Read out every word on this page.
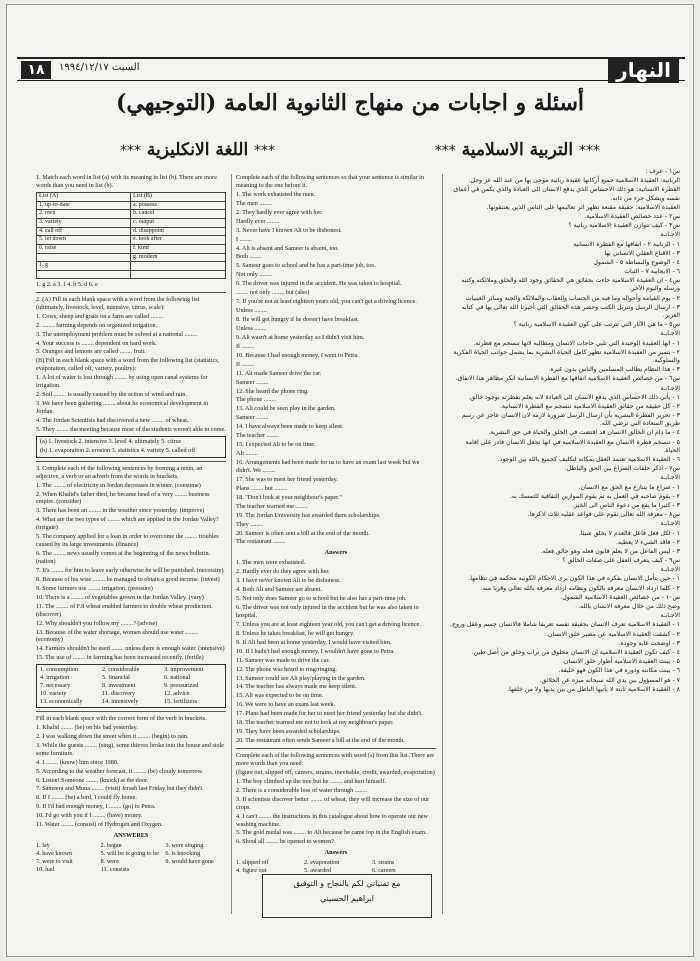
١٨	السبت ١٩٩٤/١٢/١٧	النهار
أسئلة و اجابات من منهاج الثانوية العامة (التوجيهي)
*** اللغة الانكليزية ***	*** التربية الاسلامية ***

1. Match each word in list (a) with its meaning in list (b). There are more words than you need in list (b).

List (A)	List (B)
1. up-to-date	a. possess
2. own	b. cancel
3. variety	c. output
4. call off	d. disappoint
5. let down	e. look after
6. raise	f. kind
	g. modern
1. g	

1. g 2. a 3. f 4. b 5. d 6. e

2. (A) Fill in each blank space with a word from the following list (ultimately, livestock, level, intensive, citrus, scale):

1. Cows, sheep and goats on a farm are called ........

2. ........ farming depends on organized irrigation.

3. The unemployment problem must be solved at a national ........

4. Your success is ........ dependent on hard work.

5. Oranges and lemons are called ........ fruit.

(B) Fill in each blank space with a word from the following list (statistics, evaporation, called off, variety, poultry):

1. A lot of water is lost through ........ by using open canal systems for irrigation.

2. Soil ........ is usually caused by the action of wind and rain.

3. We have been gathering ........ about he economical development in Jordan.

4. The Jordan Scientists had discovered a new ........ of wheat.

5. They ........ the meeting because most of the students weren't able to come.

(a) 1. livestock 2. intensive 3. level 4. ultimately 5. citrus

(b) 1. evaporation 2. erosion 3. statistics 4. variety 5. called off

3. Complete each of the following sentences by forming a noun, an adjective, a verb or an adverb from the words in brackets.

1. The ........ of electricity in Jordan decreases in winter. (consume)

2. When Khalid's father died, he became head of a very ........ business empire. (consider)

3. There has been an ........ in the weather since yesterday. (improve)

4. What are the two types of ........ which are applied in the Jordan Valley? (irrigate)

5. The company applied for a loan in order to overcome the ........ troubles caused by its large investments. (finance)

6. The ........ news usually comes at the beginning of the news bulletin. (nation)

7. It's ........ for him to leave early otherwise he will be punished. (necessity)

8. Because of his wise ........ he managed to obtain a good income. (invest)

9. Some farmers use ........ irrigation. (pressure)

10. There is a ........ of vegetables grown in the Jordan Valley. (vary)

11. The ........ of F.8 wheat enabled farmers to double wheat production. (discover)

12. Why shouldn't you follow my ........? (advise)

13. Because of the water shortage, women should use water ........ (economy)

14. Farmers shouldn't be used ........ unless there is enough water. (intensive)

15. The use of ........ in farming has been increased recently. (fertile)

1. consumption	2. considerable	3. improvement
4. irrigation	5. financial	6. national
7. necessary	8. investment	9. pressurized
10. variety	11. discovery	12. advice
13. economically	14. intensively	15. fertilizers

Fill in each blank space with the correct form of the verb in brackets.

1. Khalid ........ (be) on his bad yesterday.

2. I was walking down the street when it ........ (begin) to rain.

3. While the guests ........ (sing), some thieves broke into the house and stole some furniture.

4. I ........ (know) him since 1980.

5. According to the weather forecast, it ........ (be) cloudy tomorrow.

6. Listen! Someone ........ (knock) at the door.

7. Sameera and Muna ........ (visit) Jerash last Friday but they didn't.

8. If I ........ (be) a bird, I could fly home.

9. If I'd had enough money, I ........ (go) to Petra.

10. I'd go with you if I ........ (have) money.

11. Water ........ (consist) of Hydrogen and Oxygen.

ANSWERES

1. lay	2. began	3. were singing
4. have known	5. will be is going to be	6. is knocking
7. were to visit	8. were	9. would have gone
10. had	11. consists

Complete each of the following sentences so that your sentence is similar in meaning to the one before it.

1. The work exhausted the men.

The men ........

2. They hardly ever agree with her.

Hardly ever ........

3. Never have I known Ali to be dishonest.

I ........

4. Ali is absent and Sameer is absent, too.

Both ........

5. Sameer goes to school and he has a part-time job, too.

Not only ........

6. The driver was injured in the accident. He was taken to hospital.

........ not only ........ but (also)

7. If you're not at least eighteen years old, you can't get a driving licence.

Unless ........

8. He will get hungry if he doesn't have breakfast.

Unless ........

9. Ali wasn't at home yesterday so I didn't visit him.

If ........

10. Because I had enough money, I went to Petra.

If ........

11. Ali made Sameer drive the car.

Sameer ........

12. She heard the phone ring.

The phone ........

13. Ali could be seen play in the garden.

Sameer ........

14. I have always been made to keep silent.

The teacher ........

15. I expected Ali to be on time.

Ali ........

16. Arrangements had been made for us to have an exam last week but we didn't. We ........

17. She was to meet her friend yesterday.

Plans ........ but ........

18. "Don't look at your neighbour's paper."

The teacher warned me ........

19. The Jordan University has awarded them scholarships.

They ........

20. Sameer is often sent a bill at the end of the month.

The restaurant ........

Answers

1. The men were exhausted.

2. Hardly ever do they agree with her.

3. I have never known Ali to be dishonest.

4. Both Ali and Sameer are absent.

5. Not only does Sameer go to school but he also has a part-time job.

6. The driver was not only injured in the accident but he was also taken to hospital.

7. Unless you are at least eighteen year old, you can't get a driving licence.

8. Unless he takes breakfast, he will get hungry.

9. If Ali had been at home yesterday, I would have visited him.

10. If I hadn't had enough money, I wouldn't have gone to Petra.

11. Sameer was made to drive the car.

12. The phone was heard to ring/ringing.

13. Sameer could see Ali play/playing in the garden.

14. The teacher has always made me keep silent.

15. Ali was expected to be on time.

16. We were to have an exam last week.

17. Plans had been made for her to meet her friend yesterday but she didn't.

18. The teacher warned me not to look at my neighbour's paper.

19. They have been awarded scholarships.

20. The restaurant often sends Sameer a bill at the end of the month.

Complete each of the following sentences with word (s) from this list. There are more words than you need:

(figure out, slipped off, careers, strains, inevitable, credit, awarded, evaporation)

1. The boy climbed up the tree but he ........ and hurt himself.

2. There is a considerable loss of water through ........

3. If scientists discover better ........ of wheat, they will increase the size of our crops.

4. I can't ........ the instructions in this catalogue about how to operate our new washing machine.

5. The gold medal was ........ to Ali because he came top in the English exam.

6. Shoul all ........ be opened to women?

Answers

1. slipped off	2. evaporation	3. strains
4. figure out	5. awarded	6. careers
مع تمنياتي لكم بالنجاح و التوفيق
ابراهيم الحسيني

س١ - عرف :

الربانية: العقيدة الاسلامية جميع أركانها عقيدة ربانية موحى بها من عند الله عز وجل.

الفطرة الانسانية: هو ذلك الاحساس الذي يدفع الانسان الى العبادة والذي يكمن في أعماق نفسه ويشكل جزء من ذاته.

العقيدة الاسلامية: حقيقة مقنعة تظهر اثر تعاليمها على الناس الذين يعتنقونها.

س٢ - عدد خصائص العقيدة الاسلامية.

س٣ - كيف تتوازن العقيدة الاسلامية ربانية ؟

الاجـابـة

١ - الربانية ٢ - اتفاقها مع الفطرة الانسانية

٣ - الاقناع العقلي الانساني بها

٤ - الوضوح والبساطة ٥ - الشمول

٦ - الايجابية ٧ - الثبات

س٤ - ان العقيدة الاسلامية جاءت بحقائق هي الحقائق وجود الله والخلق وملائكته وكتبه ورسله واليوم الآخر.

٢ - يوم القيامة وأحواله وما فيه من الحساب والعقاب والملائكة والجنة وسائر الغيبيات

٣ - ارسال الرسل وتنزيل الكتب وحصر هذه الحقائق التي أخبرنا الله تعالى بها في كتابه العزيز.

س٥ - ما هي الآثار التي تترتب على كون العقيدة الاسلامية ربانية ؟

الاجـابـة

١ - انها العقيدة الوحيدة التي تلبي حاجات الانسان ومطالبه لانها تنسجم مع فطرته.

٢ - يتميز من العقيدة الاسلامية تظهر كامل الحياة البشرية بما يشمل جوانب الحياة الفكرية والسلوكية.

٣ - هذا النظام يطالب المسلمين والناس بدون غيره.

س٦ - من خصائص العقيدة الاسلامية اتفاقها مع الفطرة الانسانية انكر مظاهر هذا الاتفاق.

الاجـابـة

١ - يأتي ذلك الاحساس الذي يدفع الانسان الى العبادة لانه يعلم بفطرته بوجود خالق.

٢ - كل حقيقة من حقائق العقيدة الاسلامية تنسجم مع الفطرة الانسانية.

٣ - تحرير الفطرة البشرية بأن ارسال الرسل ضرورة لازمة لان الانسان عاجز عن رسم طريق السعادة التي ترضي الله.

٤ - ما دام ان الخالق الانسان قد اقتضت في الخلق والحياة في حق البشرية.

٥ - تنسجم فطرة الانسان مع العقيدة الاسلامية في انها تجعل الانسان قادر على اقامة الحياة.

٦ - العقيدة الاسلامية تعتمد العقل بمكانه لتكليف كجميع بالله بين الوجود.

س٧ - اذكر حلقات الصراع بين الحق والباطل.

الاجـابـة

١ - صراع ما يتنازع مع الحق مع الانسان.

٢ - يقوم صاحبه في العمل به ثم يقوم الموازين الثقافية للتمسك به.

٣ - كثيرا ما يقع من دعوة الناس الى الخير.

س٨ - معرفة الله تعالى تقوم على قواعد عقلية ثلاث اذكرها.

الاجـابـة

١ - لكل فعل فاعل فالعدم لا يخلق شيئا.

٢ - فاقد الشيء لا يعطيه.

٣ - ليس الفاعل من لا يعلم قانون فعله وهو خالق فعله.

س٩ - كيف يتعرف العقل على صفات الخالق ؟

الاجـابـة

١ - حين يتأمل الانسان بفكره في هذا الكون يرى الاحكام الكونية محكمة في نظامها.

٢ - كلما ازداد الانسان معرفة بالكون ونظامه ازداد معرفة بالله تعالى وقربا منه.

س١٠ - من خصائص العقيدة الاسلامية الشمول.

وضح ذلك من خلال معرفة الانسان بالله.

الاجـابـة

١ - العقيدة الاسلامية تعرف الانسان بحقيقة نفسه تعريفا شاملا فالانسان جسم وعقل وروح.

٢ - كشفت العقيدة الاسلامية عن مصير خلق الانسان.

٣ - اوضحت غاية وجوده.

٤ - كيف تكون العقيدة الاسلامية ان الانسان مخلوق من تراب وخلق من أصل طين.

٥ - بينت العقيدة الاسلامية أطوار خلق الانسان.

٦ - بينت مكانته ودوره في هذا الكون فهو خليفة.

٧ - هو المسؤول بين يدي الله سبحانه ميزه عن الخلائق.

٨ - العقيدة الاسلامية ثابتة لا يأتيها الباطل من بين يديها ولا من خلفها.
